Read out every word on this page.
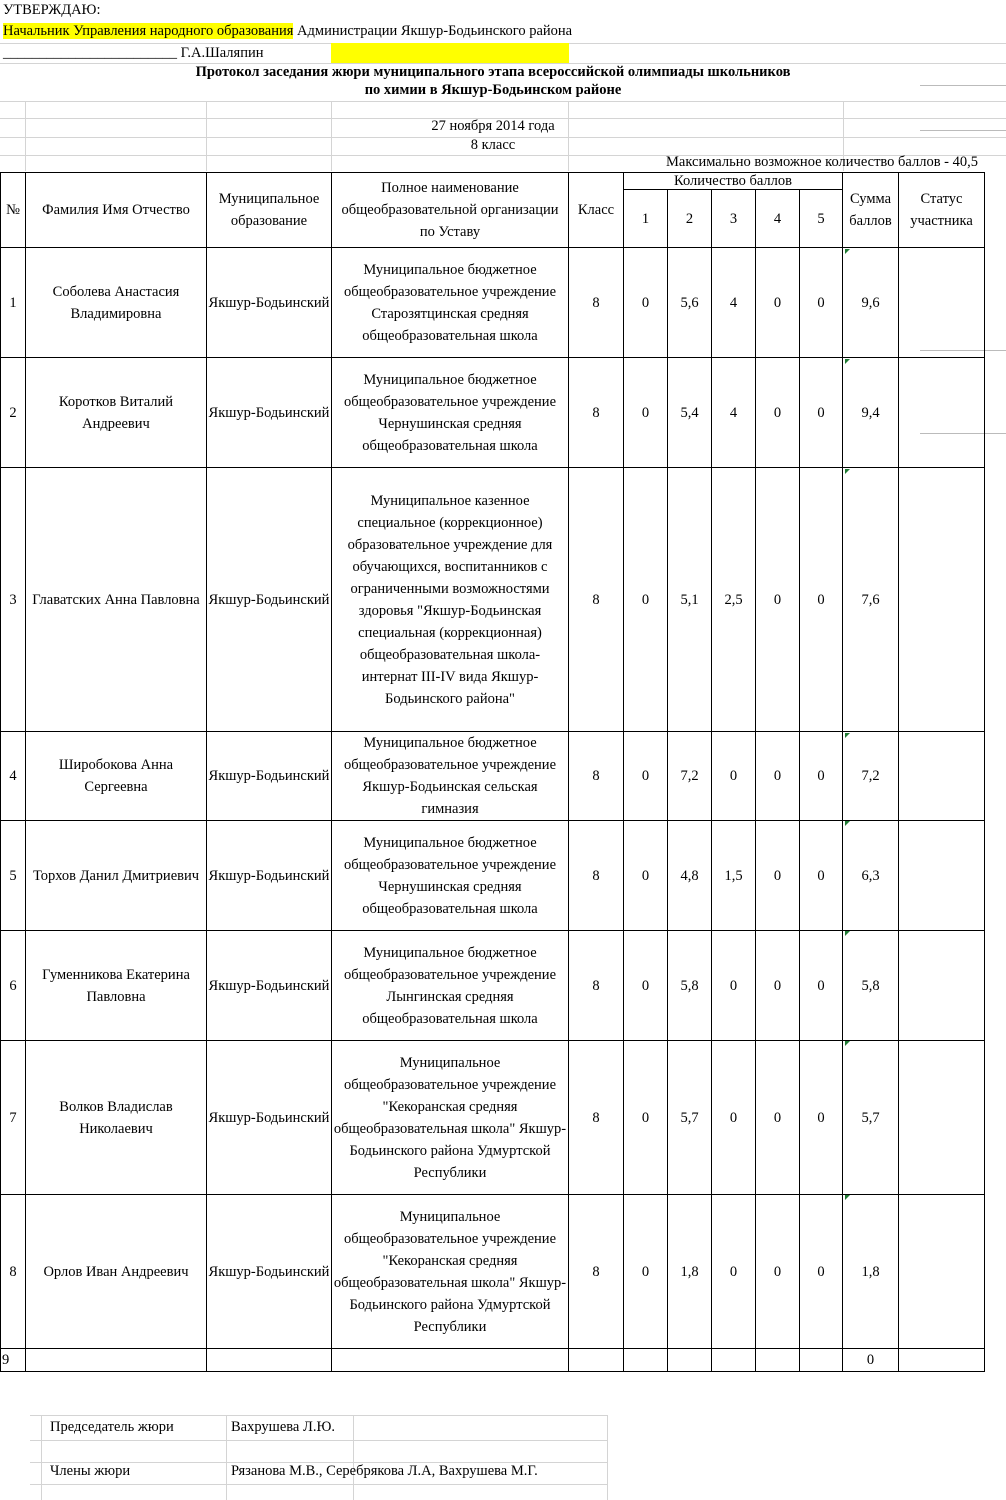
УТВЕРЖДАЮ:
Начальник Управления народного образования Администрации Якшур-Бодьинского района
________________________ Г.А.Шаляпин
Протокол заседания жюри муниципального этапа всероссийской олимпиады школьников
по химии в Якшур-Бодьинском районе
27 ноября 2014 года
8 класс
Максимально возможное количество баллов - 40,5
№	Фамилия Имя Отчество	Муниципальное образование	Полное наименование общеобразовательной организации по Уставу	Класс	Количество баллов					Сумма баллов	Статус участника
					1	2	3	4	5		
1	Соболева Анастасия Владимировна	Якшур-Бодьинский	Муниципальное бюджетное общеобразовательное учреждение Старозятцинская средняя общеобразовательная школа	8	0	5,6	4	0	0	9,6	
2	Коротков Виталий Андреевич	Якшур-Бодьинский	Муниципальное бюджетное общеобразовательное учреждение Чернушинская средняя общеобразовательная школа	8	0	5,4	4	0	0	9,4	
3	Главатских Анна Павловна	Якшур-Бодьинский	Муниципальное казенное специальное (коррекционное) образовательное учреждение для обучающихся, воспитанников с ограниченными возможностями здоровья "Якшур-Бодьинская специальная (коррекционная) общеобразовательная школа-интернат III-IV вида Якшур-Бодьинского района"	8	0	5,1	2,5	0	0	7,6	
4	Широбокова Анна Сергеевна	Якшур-Бодьинский	Муниципальное бюджетное общеобразовательное учреждение Якшур-Бодьинская сельская гимназия	8	0	7,2	0	0	0	7,2	
5	Торхов Данил Дмитриевич	Якшур-Бодьинский	Муниципальное бюджетное общеобразовательное учреждение Чернушинская средняя общеобразовательная школа	8	0	4,8	1,5	0	0	6,3	
6	Гуменникова Екатерина Павловна	Якшур-Бодьинский	Муниципальное бюджетное общеобразовательное учреждение Лынгинская средняя общеобразовательная школа	8	0	5,8	0	0	0	5,8	
7	Волков Владислав Николаевич	Якшур-Бодьинский	Муниципальное общеобразовательное учреждение "Кекоранская средняя общеобразовательная школа" Якшур-Бодьинского района Удмуртской Республики	8	0	5,7	0	0	0	5,7	
8	Орлов Иван Андреевич	Якшур-Бодьинский	Муниципальное общеобразовательное учреждение "Кекоранская средняя общеобразовательная школа" Якшур-Бодьинского района Удмуртской Республики	8	0	1,8	0	0	0	1,8	
9										0	
Председатель жюри	Вахрушева Л.Ю.
Члены жюри	Рязанова М.В., Серебрякова Л.А, Вахрушева М.Г.
